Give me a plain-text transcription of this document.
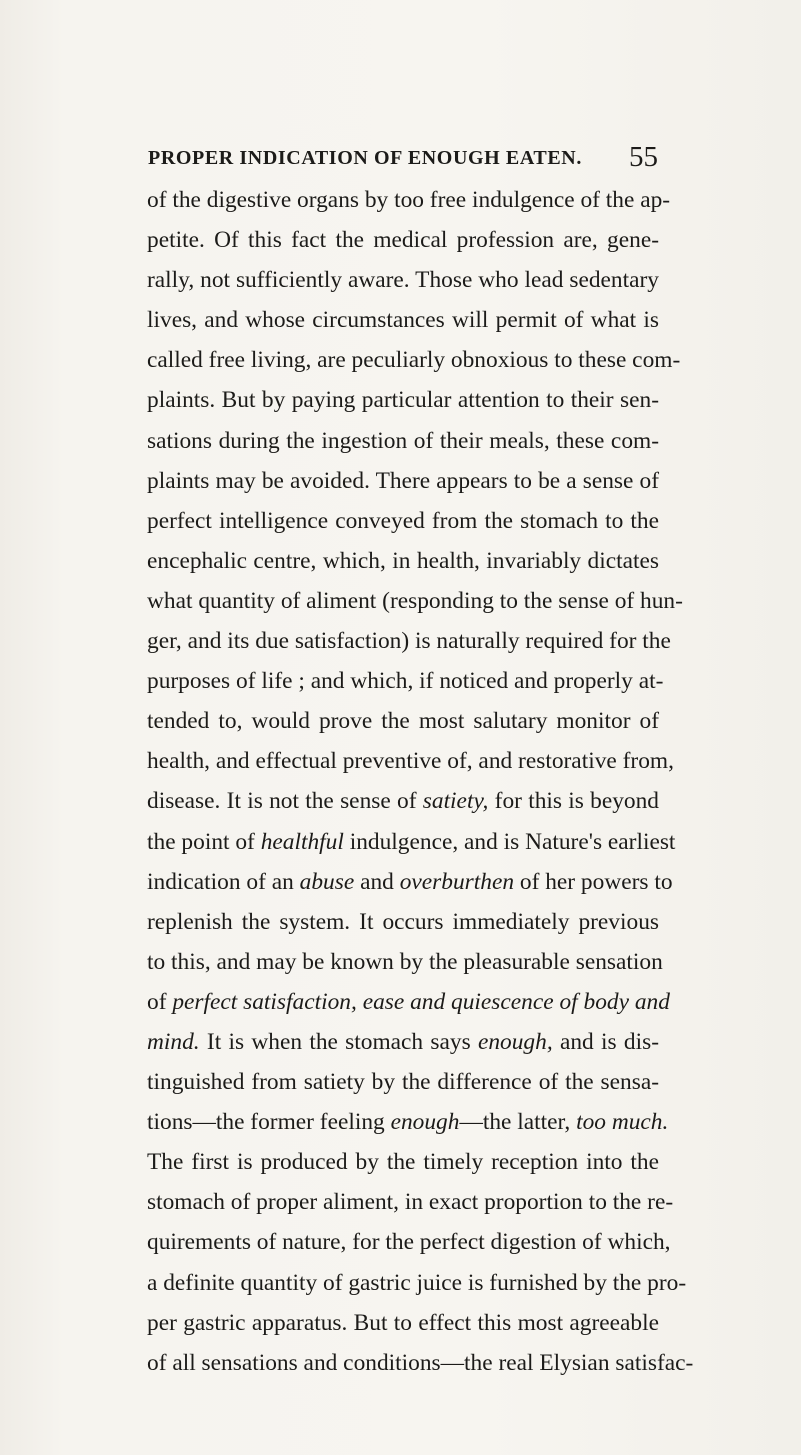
PROPER INDICATION OF ENOUGH EATEN. 55
of the digestive organs by too free indulgence of the ap-
petite. Of this fact the medical profession are, gene-
rally, not sufficiently aware. Those who lead sedentary
lives, and whose circumstances will permit of what is
called free living, are peculiarly obnoxious to these com-
plaints. But by paying particular attention to their sen-
sations during the ingestion of their meals, these com-
plaints may be avoided. There appears to be a sense of
perfect intelligence conveyed from the stomach to the
encephalic centre, which, in health, invariably dictates
what quantity of aliment (responding to the sense of hun-
ger, and its due satisfaction) is naturally required for the
purposes of life ; and which, if noticed and properly at-
tended to, would prove the most salutary monitor of
health, and effectual preventive of, and restorative from,
disease. It is not the sense of satiety, for this is beyond
the point of healthful indulgence, and is Nature's earliest
indication of an abuse and overburthen of her powers to
replenish the system. It occurs immediately previous
to this, and may be known by the pleasurable sensation
of perfect satisfaction, ease and quiescence of body and
mind. It is when the stomach says enough, and is dis-
tinguished from satiety by the difference of the sensa-
tions—the former feeling enough—the latter, too much.
The first is produced by the timely reception into the
stomach of proper aliment, in exact proportion to the re-
quirements of nature, for the perfect digestion of which,
a definite quantity of gastric juice is furnished by the pro-
per gastric apparatus. But to effect this most agreeable
of all sensations and conditions—the real Elysian satisfac-
